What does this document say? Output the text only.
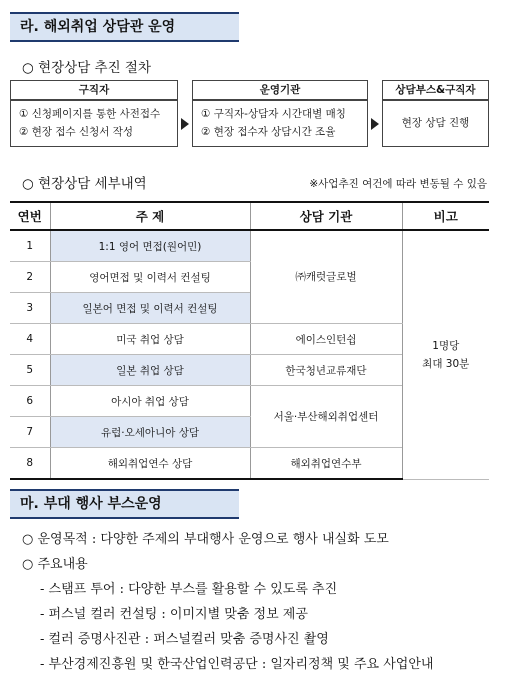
라. 해외취업 상담관 운영
○ 현장상담 추진 절차
구직자
① 신청페이지를 통한 사전접수
② 현장 접수 신청서 작성
운영기관
① 구직자-상담자 시간대별 매칭
② 현장 접수자 상담시간 조율
상담부스&구직자
현장 상담 진행
○ 현장상담 세부내역	※사업추진 여건에 따라 변동될 수 있음
연번	주 제	상담 기관	비고
1	1:1 영어 면접(원어민)	㈜캐럿글로벌	1명당
최대 30분

2	영어면접 및 이력서 컨설팅		
3	일본어 면접 및 이력서 컨설팅		
4	미국 취업 상담	에이스인턴쉽	
5	일본 취업 상담	한국청년교류재단	
6	아시아 취업 상담	서울·부산해외취업센터	
7	유럽·오세아니아 상담		
8	해외취업연수 상담	해외취업연수부	
마. 부대 행사 부스운영
○ 운영목적 : 다양한 주제의 부대행사 운영으로 행사 내실화 도모
○ 주요내용
- 스탬프 투어 : 다양한 부스를 활용할 수 있도록 추진
- 퍼스널 컬러 컨설팅 : 이미지별 맞춤 정보 제공
- 컬러 증명사진관 : 퍼스널컬러 맞춤 증명사진 촬영
- 부산경제진흥원 및 한국산업인력공단 : 일자리정책 및 주요 사업안내
